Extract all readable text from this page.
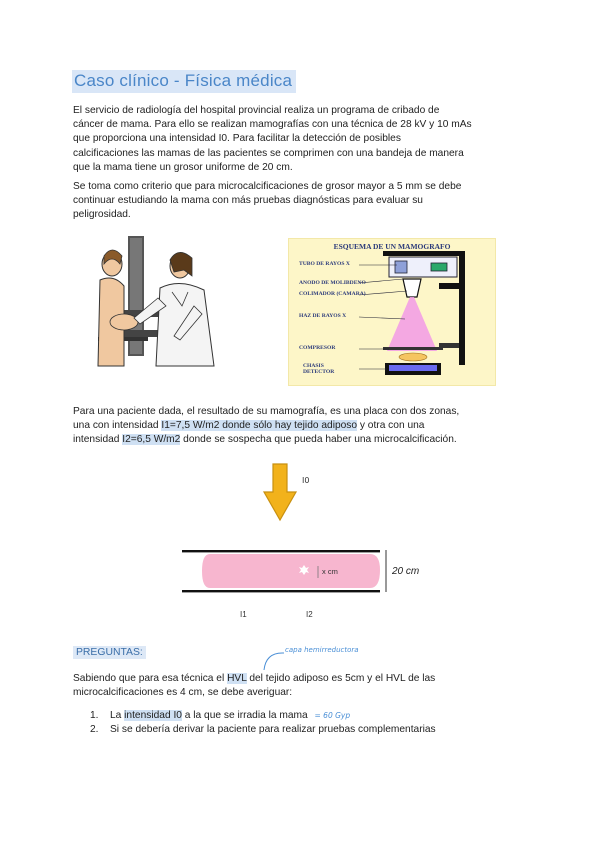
Caso clínico - Física médica
El servicio de radiología del hospital provincial realiza un programa de cribado de
cáncer de mama. Para ello se realizan mamografías con una técnica de 28 kV y 10 mAs
que proporciona una intensidad I0. Para facilitar la detección de posibles
calcificaciones las mamas de las pacientes se comprimen con una bandeja de manera
que la mama tiene un grosor uniforme de 20 cm.
Se toma como criterio que para microcalcificaciones de grosor mayor a 5 mm se debe
continuar estudiando la mama con más pruebas diagnósticas para evaluar su
peligrosidad.
ESQUEMA DE UN MAMOGRAFO
TUBO DE RAYOS X
ANODO DE MOLIBDENO
COLIMADOR (CAMARA)
HAZ DE RAYOS X
COMPRESOR
CHASIS
DETECTOR
Para una paciente dada, el resultado de su mamografía, es una placa con dos zonas,
una con intensidad I1=7,5 W/m2 donde sólo hay tejido adiposo y otra con una
intensidad I2=6,5 W/m2 donde se sospecha que pueda haber una microcalcificación.
I0
x cm	20 cm
I1	I2
PREGUNTAS:	capa hemirreductora
Sabiendo que para esa técnica el HVL del tejido adiposo es 5cm y el HVL de las
microcalcificaciones es 4 cm, se debe averiguar:
1. La intensidad I0 a la que se irradia la mama = 60 Gyp
2. Si se debería derivar la paciente para realizar pruebas complementarias
